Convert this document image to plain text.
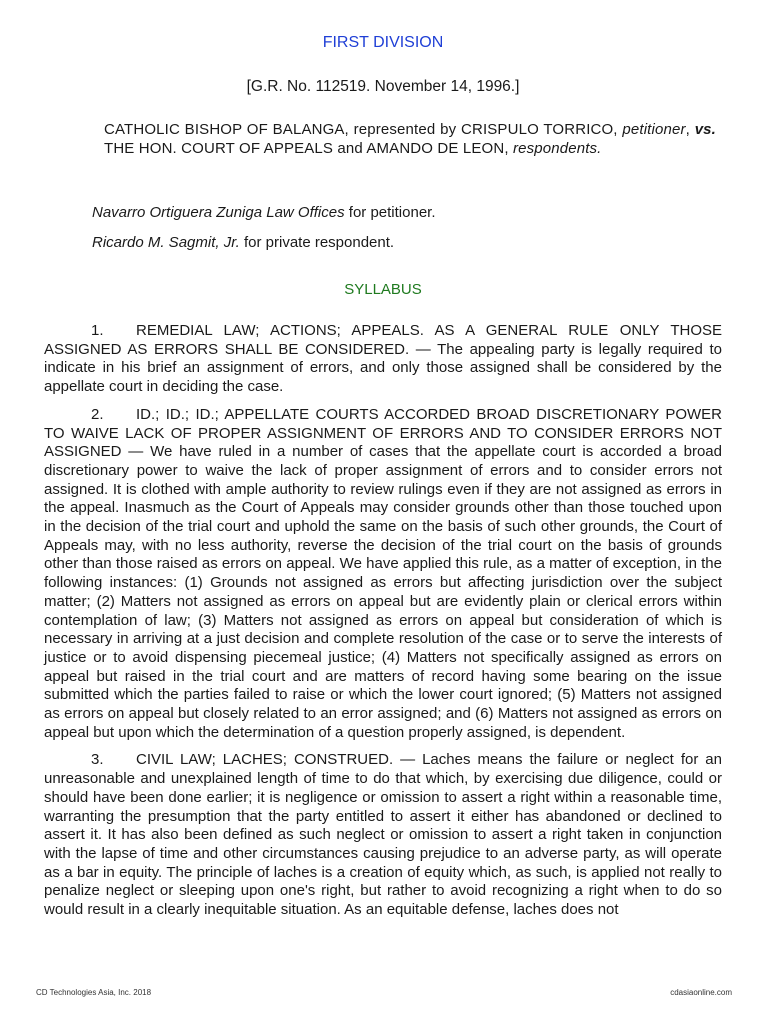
FIRST DIVISION
[G.R. No. 112519. November 14, 1996.]
CATHOLIC BISHOP OF BALANGA, represented by CRISPULO TORRICO, petitioner, vs. THE HON. COURT OF APPEALS and AMANDO DE LEON, respondents.
Navarro Ortiguera Zuniga Law Offices for petitioner.
Ricardo M. Sagmit, Jr. for private respondent.
SYLLABUS

1. REMEDIAL LAW; ACTIONS; APPEALS. AS A GENERAL RULE ONLY THOSE ASSIGNED AS ERRORS SHALL BE CONSIDERED. — The appealing party is legally required to indicate in his brief an assignment of errors, and only those assigned shall be considered by the appellate court in deciding the case.

2. ID.; ID.; ID.; APPELLATE COURTS ACCORDED BROAD DISCRETIONARY POWER TO WAIVE LACK OF PROPER ASSIGNMENT OF ERRORS AND TO CONSIDER ERRORS NOT ASSIGNED — We have ruled in a number of cases that the appellate court is accorded a broad discretionary power to waive the lack of proper assignment of errors and to consider errors not assigned. It is clothed with ample authority to review rulings even if they are not assigned as errors in the appeal. Inasmuch as the Court of Appeals may consider grounds other than those touched upon in the decision of the trial court and uphold the same on the basis of such other grounds, the Court of Appeals may, with no less authority, reverse the decision of the trial court on the basis of grounds other than those raised as errors on appeal. We have applied this rule, as a matter of exception, in the following instances: (1) Grounds not assigned as errors but affecting jurisdiction over the subject matter; (2) Matters not assigned as errors on appeal but are evidently plain or clerical errors within contemplation of law; (3) Matters not assigned as errors on appeal but consideration of which is necessary in arriving at a just decision and complete resolution of the case or to serve the interests of justice or to avoid dispensing piecemeal justice; (4) Matters not specifically assigned as errors on appeal but raised in the trial court and are matters of record having some bearing on the issue submitted which the parties failed to raise or which the lower court ignored; (5) Matters not assigned as errors on appeal but closely related to an error assigned; and (6) Matters not assigned as errors on appeal but upon which the determination of a question properly assigned, is dependent.

3. CIVIL LAW; LACHES; CONSTRUED. — Laches means the failure or neglect for an unreasonable and unexplained length of time to do that which, by exercising due diligence, could or should have been done earlier; it is negligence or omission to assert a right within a reasonable time, warranting the presumption that the party entitled to assert it either has abandoned or declined to assert it. It has also been defined as such neglect or omission to assert a right taken in conjunction with the lapse of time and other circumstances causing prejudice to an adverse party, as will operate as a bar in equity. The principle of laches is a creation of equity which, as such, is applied not really to penalize neglect or sleeping upon one's right, but rather to avoid recognizing a right when to do so would result in a clearly inequitable situation. As an equitable defense, laches does not

CD Technologies Asia, Inc. 2018	cdasiaonline.com
